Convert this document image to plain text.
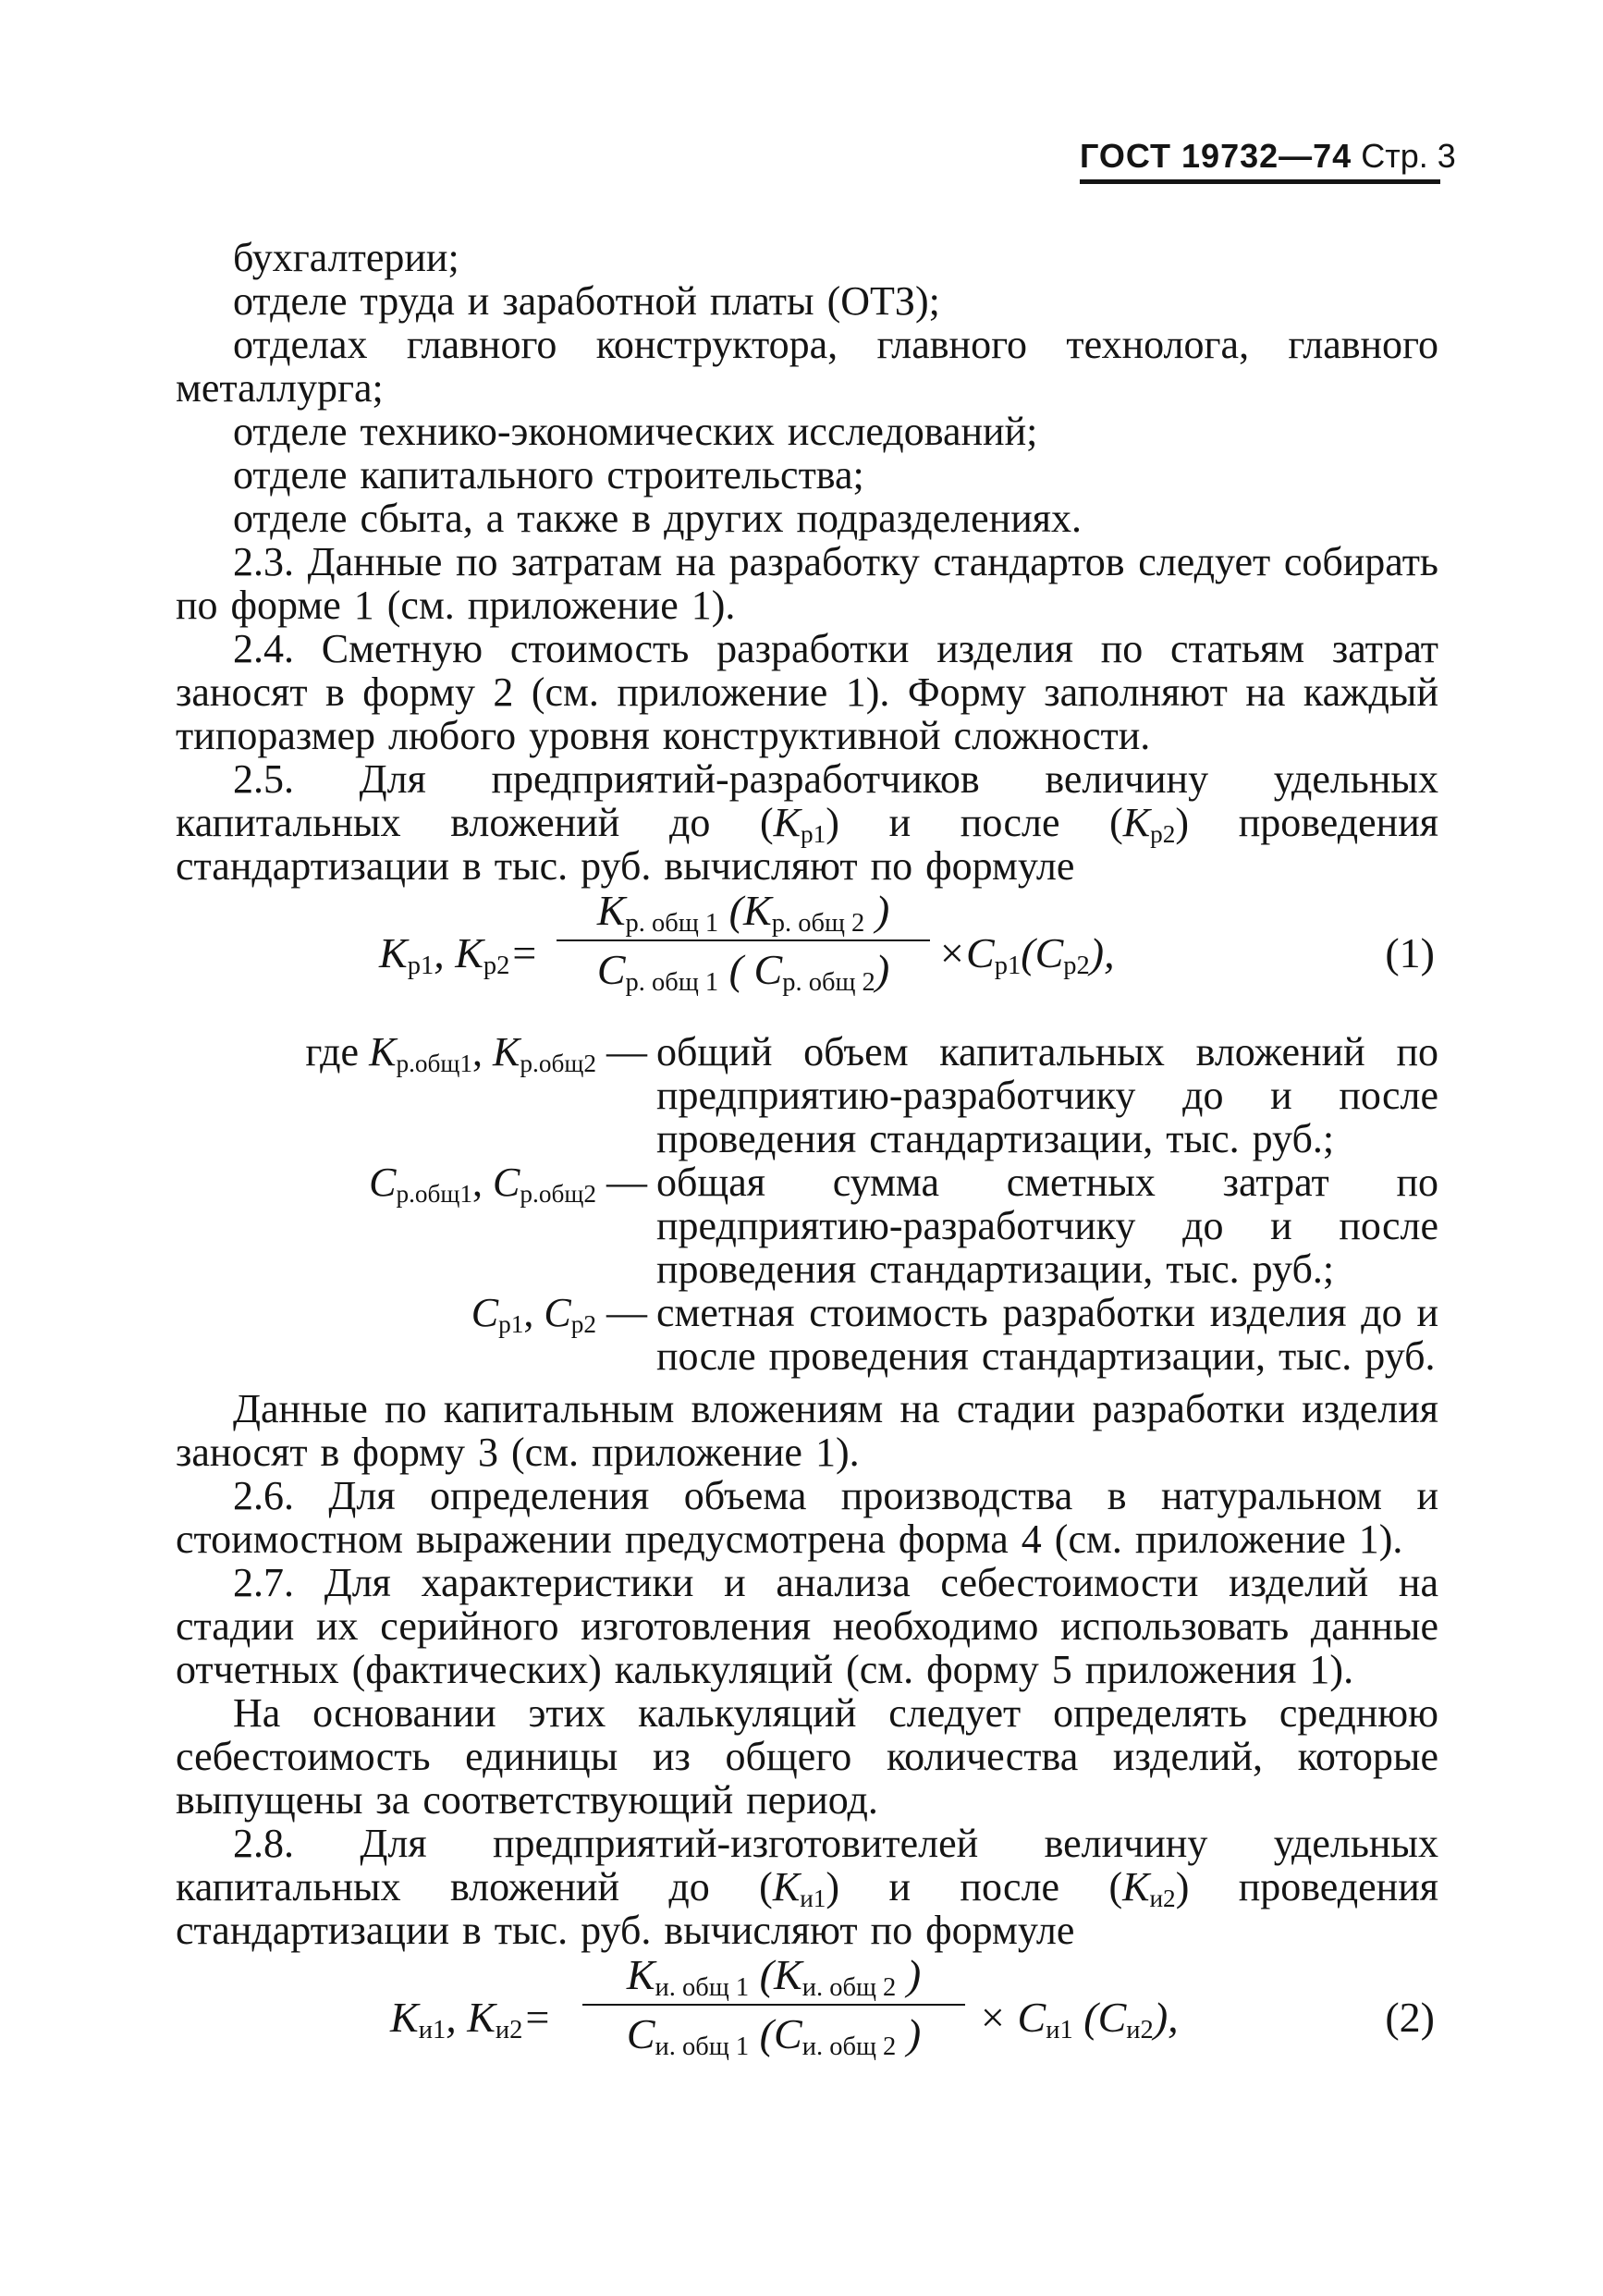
ГОСТ 19732—74 Стр. 3

бухгалтерии;

отделе труда и заработной платы (ОТЗ);

отделах главного конструктора, главного технолога, главного металлурга;

отделе технико-экономических исследований;

отделе капитального строительства;

отделе сбыта, а также в других подразделениях.

2.3. Данные по затратам на разработку стандартов следует собирать по форме 1 (см. приложение 1).

2.4. Сметную стоимость разработки изделия по статьям затрат заносят в форму 2 (см. приложение 1). Форму заполняют на каждый типоразмер любого уровня конструктивной сложности.

2.5. Для предприятий-разработчиков величину удельных капитальных вложений до $(K_{р1})$ и после $(K_{р2})$ проведения стандартизации в тыс. руб. вычисляют по формуле

$K_{р1}$, $K_{р2}=$
$K_{р. общ 1}$ ($K_{р. общ 2}$ )
$C_{р. общ 1}$ ( $C_{р. общ 2}$)	$\times C_{р1}(C_{р2})$,	(1)
где $K_{р.общ1}$, $K_{р.общ2}$ — общий объем капитальных вложений по предприятию-разработчику до и после проведения стандартизации, тыс. руб.;

$C_{р.общ1}$, $C_{р.общ2}$ — общая сумма сметных затрат по предприятию-разработчику до и после проведения стандартизации, тыс. руб.;

$C_{р1}$, $C_{р2}$ — сметная стоимость разработки изделия до и после проведения стандартизации, тыс. руб.

Данные по капитальным вложениям на стадии разработки изделия заносят в форму 3 (см. приложение 1).

2.6. Для определения объема производства в натуральном и стоимостном выражении предусмотрена форма 4 (см. приложение 1).

2.7. Для характеристики и анализа себестоимости изделий на стадии их серийного изготовления необходимо использовать данные отчетных (фактических) калькуляций (см. форму 5 приложения 1).

На основании этих калькуляций следует определять среднюю себестоимость единицы из общего количества изделий, которые выпущены за соответствующий период.

2.8. Для предприятий-изготовителей величину удельных капитальных вложений до $(K_{и1})$ и после $(K_{и2})$ проведения стандартизации в тыс. руб. вычисляют по формуле

$K_{и1}$, $K_{и2}=$
$K_{и. общ 1}$ ($K_{и. общ 2}$ )
$C_{и. общ 1}$ ($C_{и. общ 2}$ )	× $C_{и1}$ $(C_{и2})$,	(2)
